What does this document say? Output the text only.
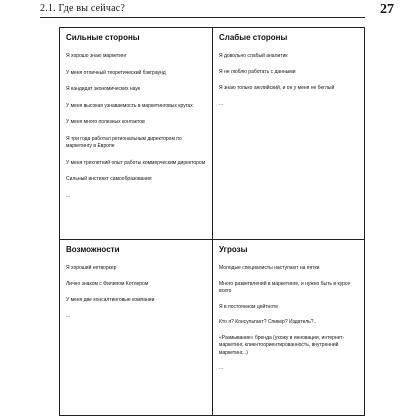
2.1. Где вы сейчас?	27
Сильные стороны
Я хорошо знаю маркетинг
У меня отличный теоретический бэкграунд
Я кандидат экономических наук
У меня высокая узнаваемость в маркетинговых кругах
У меня много полезных контактов
Я три года работал региональным директором по маркетингу в Европе
У меня трехлетний опыт работы коммерческим директором
Сильный инстинкт самообразования
...
Слабые стороны
Я довольно слабый аналитик
Я не люблю работать с данными
Я знаю только английский, и он у меня не беглый
...
Возможности
Я хороший нетворкер
Лично знаком с Филипом Котлером
У меня две консалтинговые компании
...
Угрозы
Молодые специалисты наступают на пятки
Много разветвлений в маркетинге, и нужно быть в курсе всего
Я в постоянном цейтноте
Кто я? Консультант? Спикер? Издатель?..
«Размывание» бренда (ухожу в инновации, интернет-маркетинг, клиентоориентированность, внутренний маркетинг...)
...
